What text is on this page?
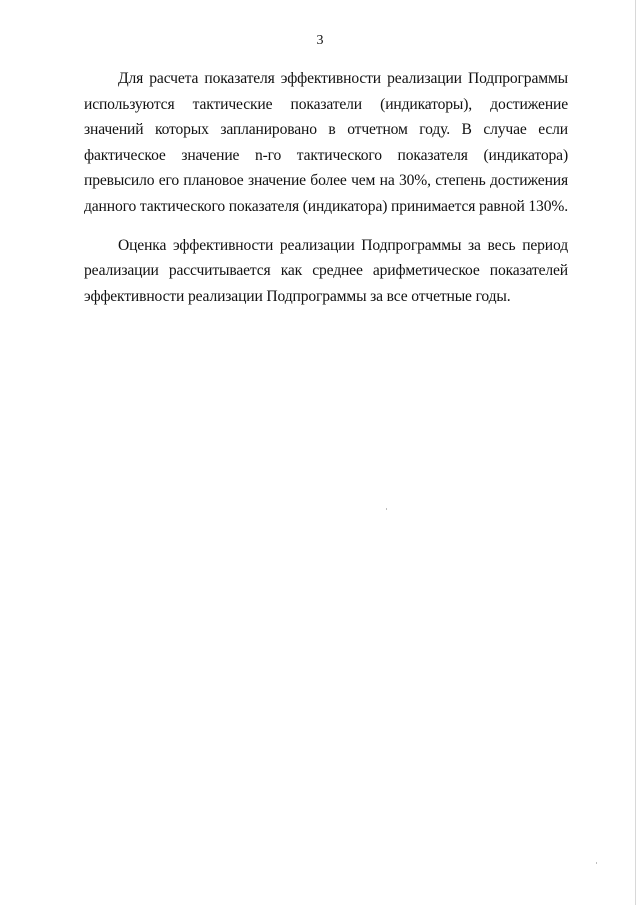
3

Для расчета показателя эффективности реализации Подпрограммы используются тактические показатели (индикаторы), достижение значений которых запланировано в отчетном году. В случае если фактическое значение n-го тактического показателя (индикатора) превысило его плановое значение более чем на 30%, степень достижения данного тактического показателя (индикатора) принимается равной 130%.

Оценка эффективности реализации Подпрограммы за весь период реализации рассчитывается как среднее арифметическое показателей эффективности реализации Подпрограммы за все отчетные годы.
